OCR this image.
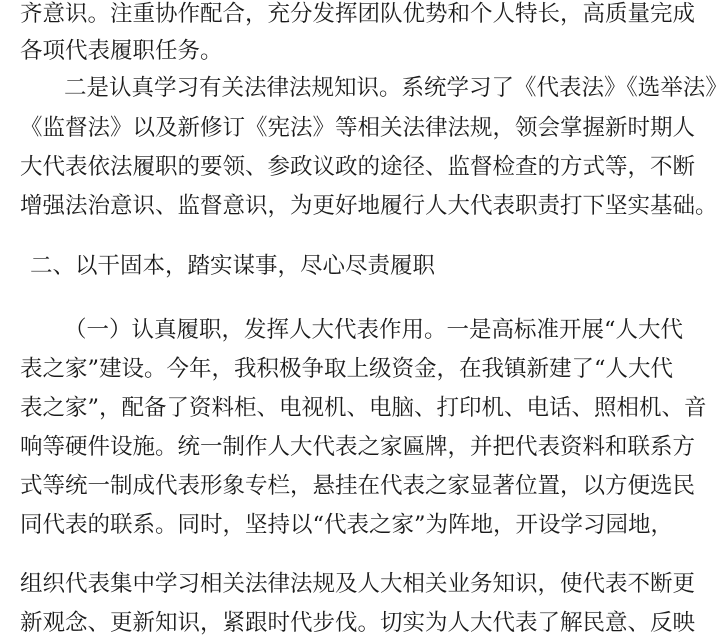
齐意识。注重协作配合，充分发挥团队优势和个人特长，高质量完成
各项代表履职任务。
二是认真学习有关法律法规知识。系统学习了《代表法》《选举法》
《监督法》以及新修订《宪法》等相关法律法规，领会掌握新时期人
大代表依法履职的要领、参政议政的途径、监督检查的方式等，不断
增强法治意识、监督意识，为更好地履行人大代表职责打下坚实基础。
二、以干固本，踏实谋事，尽心尽责履职
（一）认真履职，发挥人大代表作用。一是高标准开展“人大代
表之家”建设。今年，我积极争取上级资金，在我镇新建了“人大代
表之家”，配备了资料柜、电视机、电脑、打印机、电话、照相机、音
响等硬件设施。统一制作人大代表之家匾牌，并把代表资料和联系方
式等统一制成代表形象专栏，悬挂在代表之家显著位置，以方便选民
同代表的联系。同时，坚持以“代表之家”为阵地，开设学习园地，
组织代表集中学习相关法律法规及人大相关业务知识，使代表不断更
新观念、更新知识，紧跟时代步伐。切实为人大代表了解民意、反映
